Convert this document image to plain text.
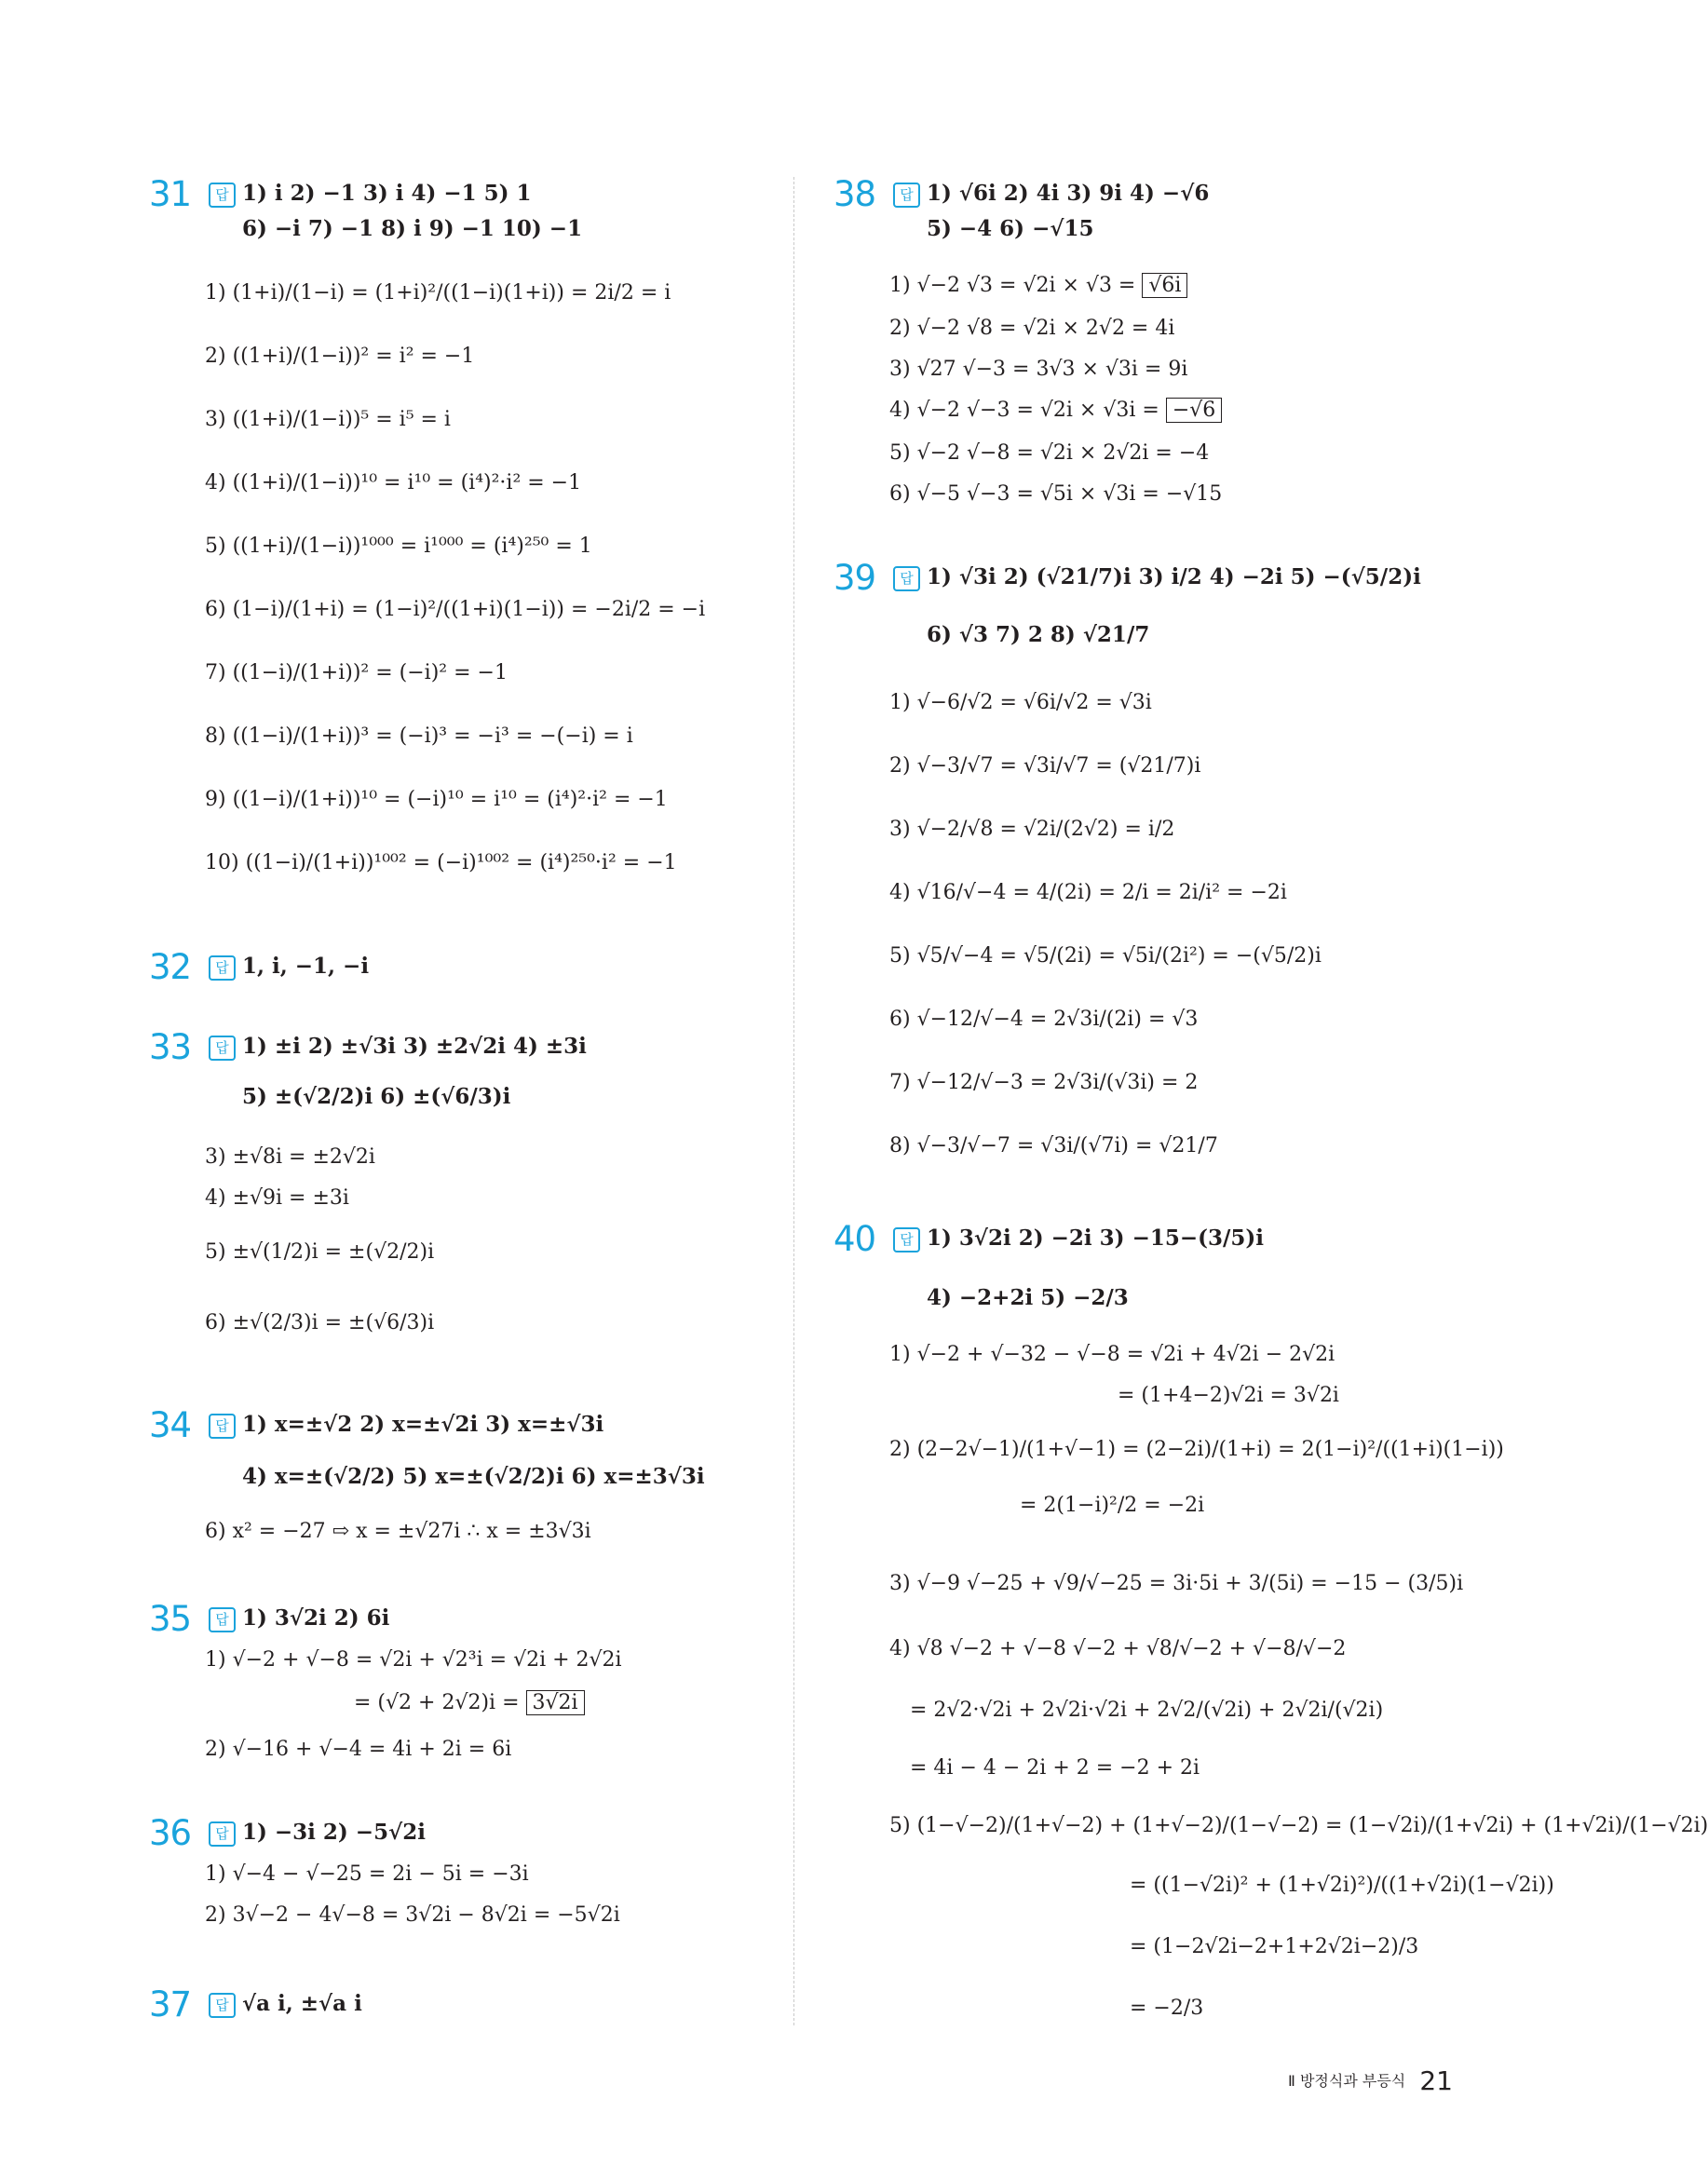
31	답 1) i 2) −1 3) i 4) −1 5) 1
6) −i 7) −1 8) i 9) −1 10) −1
1) (1+i)/(1−i) = (1+i)²/((1−i)(1+i)) = 2i/2 = i
2) ((1+i)/(1−i))² = i² = −1
3) ((1+i)/(1−i))⁵ = i⁵ = i
4) ((1+i)/(1−i))¹⁰ = i¹⁰ = (i⁴)²·i² = −1
5) ((1+i)/(1−i))¹⁰⁰⁰ = i¹⁰⁰⁰ = (i⁴)²⁵⁰ = 1
6) (1−i)/(1+i) = (1−i)²/((1+i)(1−i)) = −2i/2 = −i
7) ((1−i)/(1+i))² = (−i)² = −1
8) ((1−i)/(1+i))³ = (−i)³ = −i³ = −(−i) = i
9) ((1−i)/(1+i))¹⁰ = (−i)¹⁰ = i¹⁰ = (i⁴)²·i² = −1
10) ((1−i)/(1+i))¹⁰⁰² = (−i)¹⁰⁰² = (i⁴)²⁵⁰·i² = −1
32	답 1, i, −1, −i
33	답 1) ±i 2) ±√3i 3) ±2√2i 4) ±3i
5) ±(√2/2)i 6) ±(√6/3)i
3) ±√8i = ±2√2i
4) ±√9i = ±3i
5) ±√(1/2)i = ±(√2/2)i
6) ±√(2/3)i = ±(√6/3)i
34	답 1) x=±√2 2) x=±√2i 3) x=±√3i
4) x=±(√2/2) 5) x=±(√2/2)i 6) x=±3√3i
6) x² = −27 ⇨ x = ±√27i ∴ x = ±3√3i
35	답 1) 3√2i 2) 6i
1) √−2 + √−8 = √2i + √2³i = √2i + 2√2i
= (√2 + 2√2)i = 3√2i
2) √−16 + √−4 = 4i + 2i = 6i
36	답 1) −3i 2) −5√2i
1) √−4 − √−25 = 2i − 5i = −3i
2) 3√−2 − 4√−8 = 3√2i − 8√2i = −5√2i
37	답 √a i, ±√a i
38	답 1) √6i 2) 4i 3) 9i 4) −√6
5) −4 6) −√15
1) √−2 √3 = √2i × √3 = √6i
2) √−2 √8 = √2i × 2√2 = 4i
3) √27 √−3 = 3√3 × √3i = 9i
4) √−2 √−3 = √2i × √3i = −√6
5) √−2 √−8 = √2i × 2√2i = −4
6) √−5 √−3 = √5i × √3i = −√15
39	답 1) √3i 2) (√21/7)i 3) i/2 4) −2i 5) −(√5/2)i
6) √3 7) 2 8) √21/7
1) √−6/√2 = √6i/√2 = √3i
2) √−3/√7 = √3i/√7 = (√21/7)i
3) √−2/√8 = √2i/(2√2) = i/2
4) √16/√−4 = 4/(2i) = 2/i = 2i/i² = −2i
5) √5/√−4 = √5/(2i) = √5i/(2i²) = −(√5/2)i
6) √−12/√−4 = 2√3i/(2i) = √3
7) √−12/√−3 = 2√3i/(√3i) = 2
8) √−3/√−7 = √3i/(√7i) = √21/7
40	답 1) 3√2i 2) −2i 3) −15−(3/5)i
4) −2+2i 5) −2/3
1) √−2 + √−32 − √−8 = √2i + 4√2i − 2√2i
= (1+4−2)√2i = 3√2i
2) (2−2√−1)/(1+√−1) = (2−2i)/(1+i) = 2(1−i)²/((1+i)(1−i))
= 2(1−i)²/2 = −2i
3) √−9 √−25 + √9/√−25 = 3i·5i + 3/(5i) = −15 − (3/5)i
4) √8 √−2 + √−8 √−2 + √8/√−2 + √−8/√−2
= 2√2·√2i + 2√2i·√2i + 2√2/(√2i) + 2√2i/(√2i)
= 4i − 4 − 2i + 2 = −2 + 2i
5) (1−√−2)/(1+√−2) + (1+√−2)/(1−√−2) = (1−√2i)/(1+√2i) + (1+√2i)/(1−√2i)
= ((1−√2i)² + (1+√2i)²)/((1+√2i)(1−√2i))
= (1−2√2i−2+1+2√2i−2)/3
= −2/3
Ⅱ 방정식과 부등식 21
